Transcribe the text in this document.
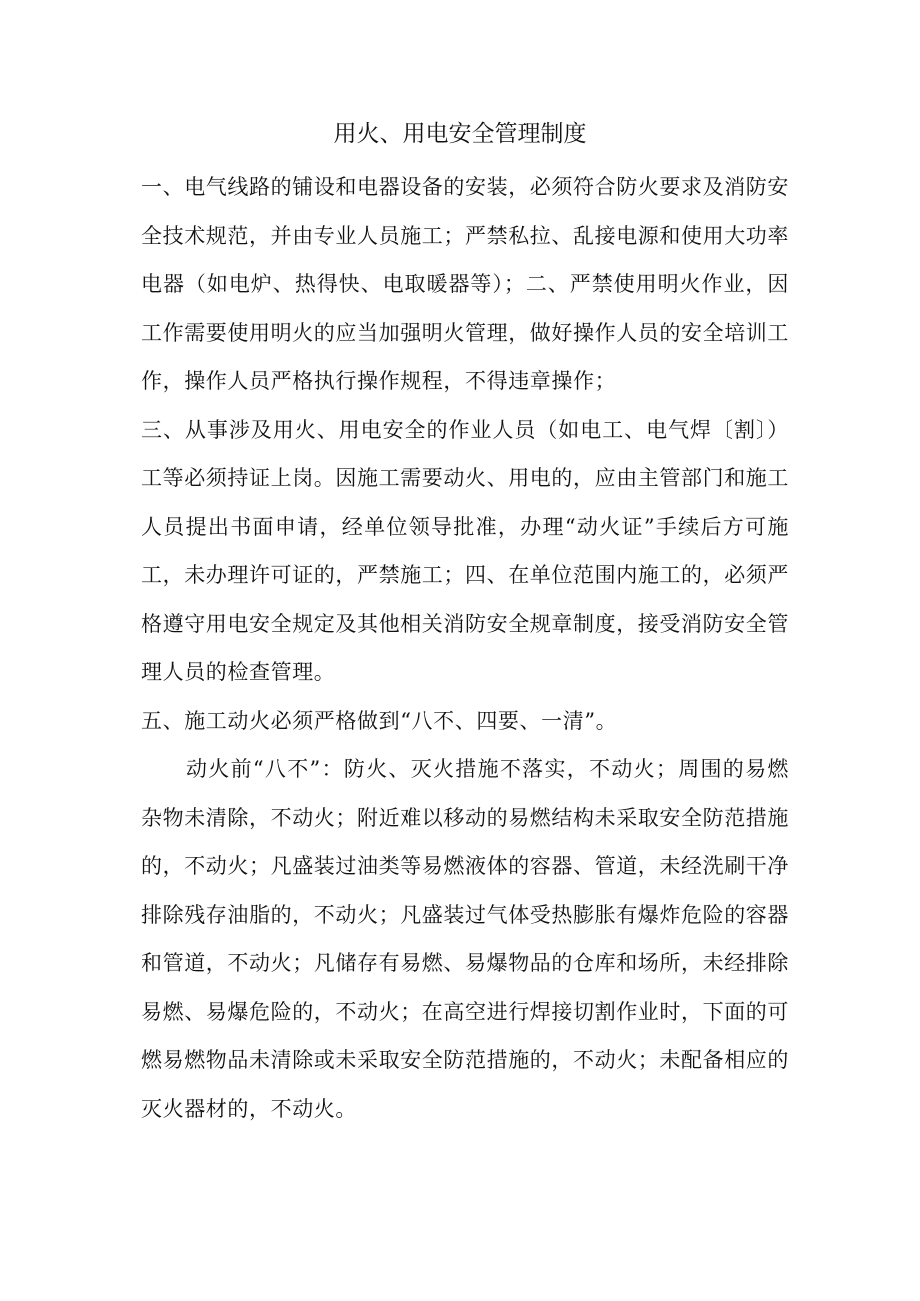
用火、用电安全管理制度

一、电气线路的铺设和电器设备的安装，必须符合防火要求及消防安全技术规范，并由专业人员施工；严禁私拉、乱接电源和使用大功率电器（如电炉、热得快、电取暖器等）；二、严禁使用明火作业，因工作需要使用明火的应当加强明火管理，做好操作人员的安全培训工作，操作人员严格执行操作规程，不得违章操作；

三、从事涉及用火、用电安全的作业人员（如电工、电气焊〔割〕）工等必须持证上岗。因施工需要动火、用电的，应由主管部门和施工人员提出书面申请，经单位领导批准，办理“动火证”手续后方可施工，未办理许可证的，严禁施工；四、在单位范围内施工的，必须严格遵守用电安全规定及其他相关消防安全规章制度，接受消防安全管理人员的检查管理。

五、施工动火必须严格做到“八不、四要、一清”。

动火前“八不”：防火、灭火措施不落实，不动火；周围的易燃杂物未清除，不动火；附近难以移动的易燃结构未采取安全防范措施的，不动火；凡盛装过油类等易燃液体的容器、管道，未经洗刷干净排除残存油脂的，不动火；凡盛装过气体受热膨胀有爆炸危险的容器和管道，不动火；凡储存有易燃、易爆物品的仓库和场所，未经排除易燃、易爆危险的，不动火；在高空进行焊接切割作业时，下面的可燃易燃物品未清除或未采取安全防范措施的，不动火；未配备相应的灭火器材的，不动火。
